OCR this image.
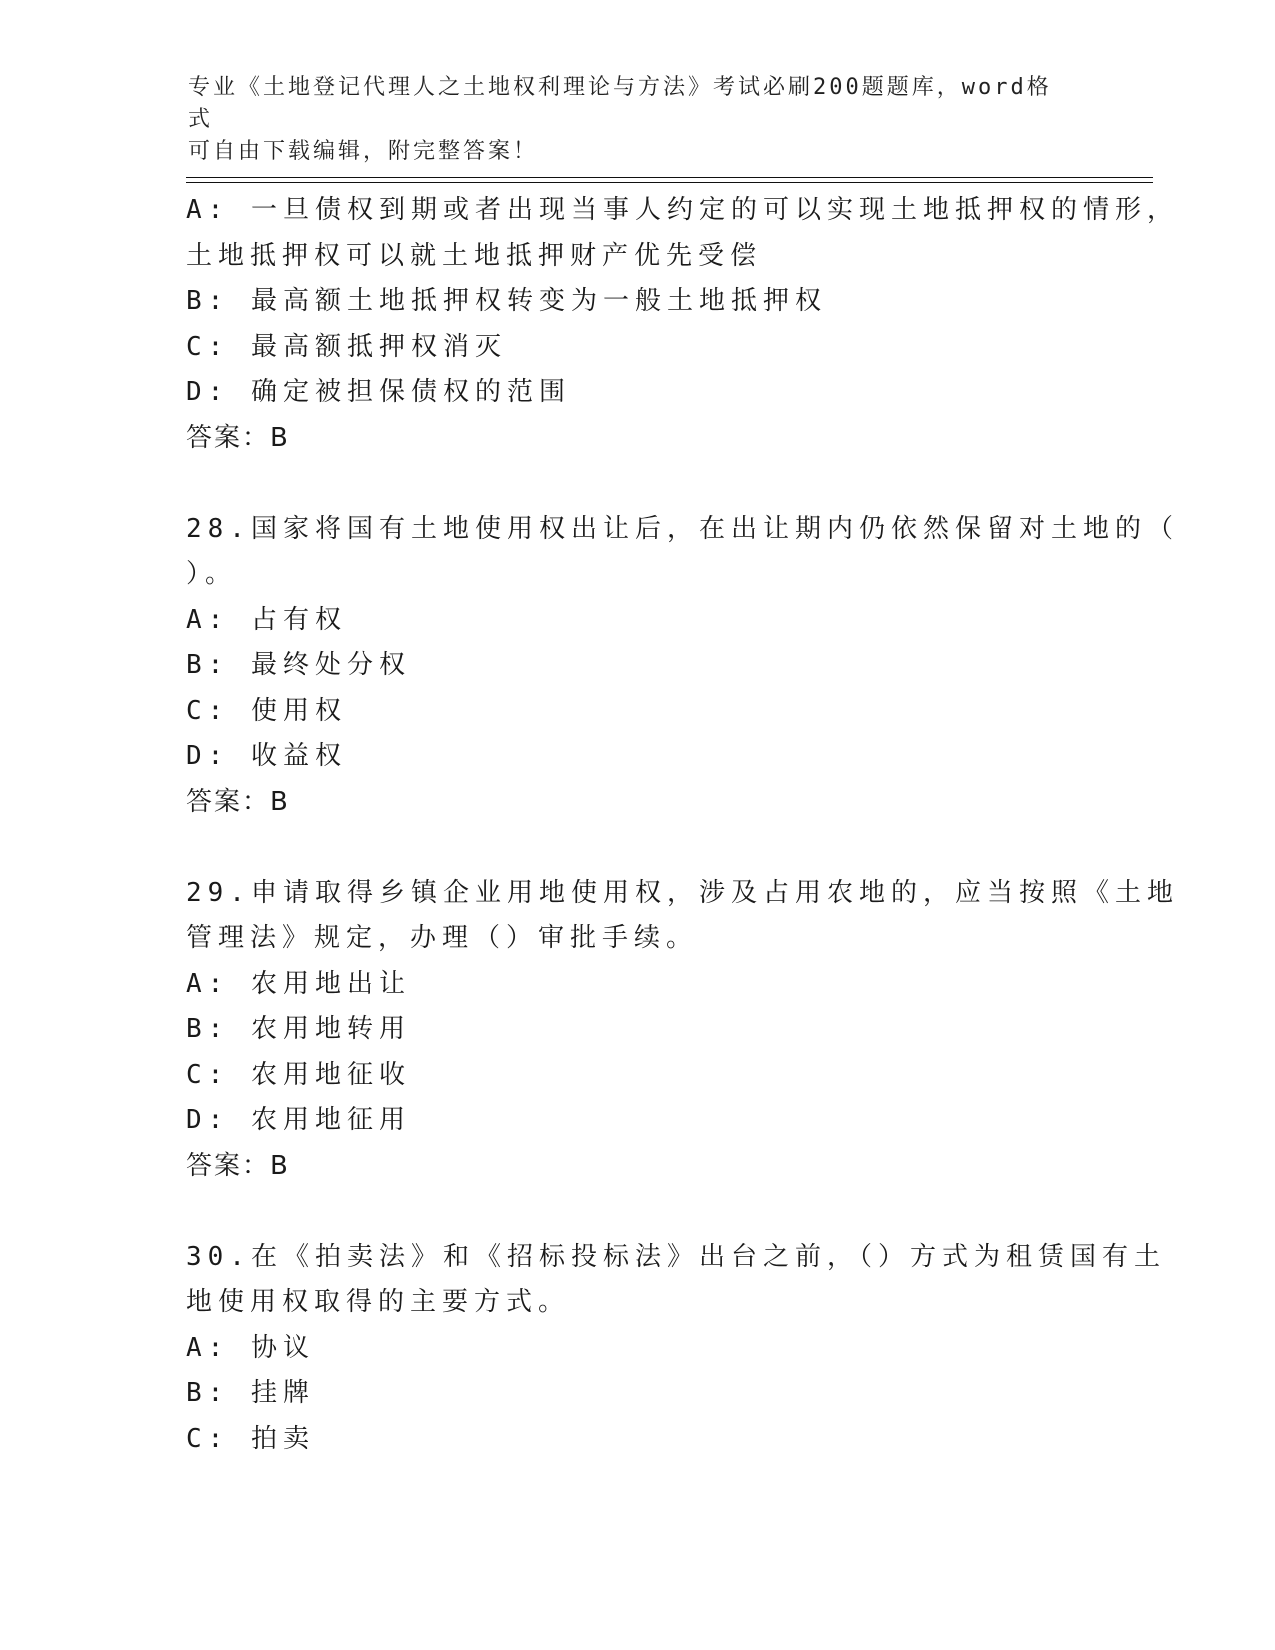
专业《土地登记代理人之土地权利理论与方法》考试必刷200题题库，word格式
可自由下载编辑，附完整答案！

A: 一旦债权到期或者出现当事人约定的可以实现土地抵押权的情形，

土地抵押权可以就土地抵押财产优先受偿

B: 最高额土地抵押权转变为一般土地抵押权

C: 最高额抵押权消灭

D: 确定被担保债权的范围

答案：B

28.国家将国有土地使用权出让后，在出让期内仍依然保留对土地的（

）。

A: 占有权

B: 最终处分权

C: 使用权

D: 收益权

答案：B

29.申请取得乡镇企业用地使用权，涉及占用农地的，应当按照《土地

管理法》规定，办理（）审批手续。

A: 农用地出让

B: 农用地转用

C: 农用地征收

D: 农用地征用

答案：B

30.在《拍卖法》和《招标投标法》出台之前，（）方式为租赁国有土

地使用权取得的主要方式。

A: 协议

B: 挂牌

C: 拍卖
